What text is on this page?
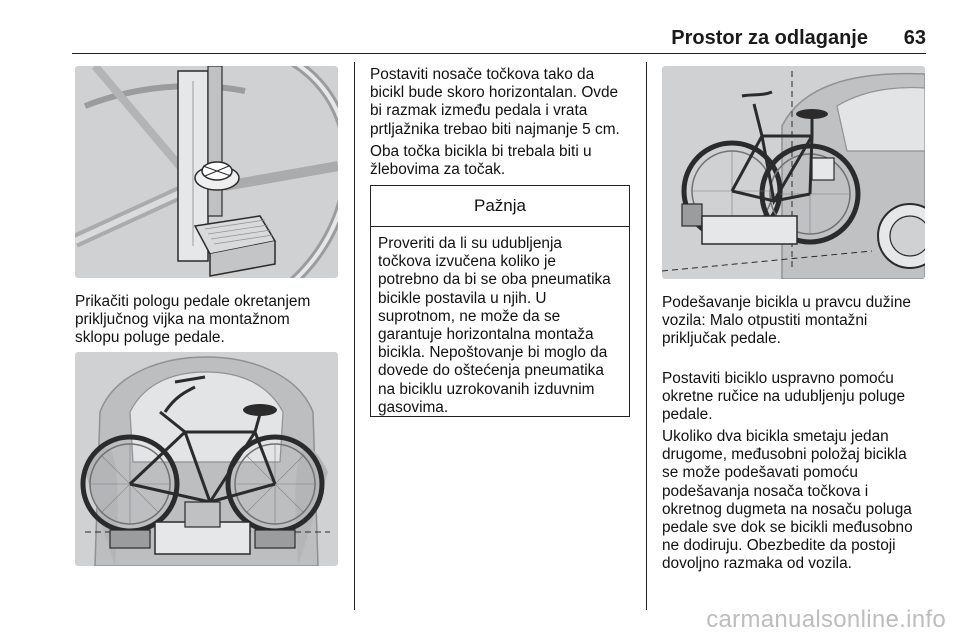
Prostor za odlaganje 63

Prikačiti pologu pedale okretanjem
priključnog vijka na montažnom
sklopu poluge pedale.

Postaviti nosače točkova tako da
bicikl bude skoro horizontalan. Ovde
bi razmak između pedala i vrata
prtljažnika trebao biti najmanje 5 cm.

Oba točka bicikla bi trebala biti u
žlebovima za točak.

Pažnja
Proveriti da li su udubljenja
točkova izvučena koliko je
potrebno da bi se oba pneumatika
bicikle postavila u njih. U
suprotnom, ne može da se
garantuje horizontalna montaža
bicikla. Nepoštovanje bi moglo da
dovede do oštećenja pneumatika
na biciklu uzrokovanih izduvnim
gasovima.

Podešavanje bicikla u pravcu dužine
vozila: Malo otpustiti montažni
priključak pedale.

Postaviti biciklo uspravno pomoću
okretne ručice na udubljenju poluge
pedale.

Ukoliko dva bicikla smetaju jedan
drugome, međusobni položaj bicikla
se može podešavati pomoću
podešavanja nosača točkova i
okretnog dugmeta na nosaču poluga
pedale sve dok se bicikli međusobno
ne dodiruju. Obezbedite da postoji
dovoljno razmaka od vozila.

carmanualsonline.info
